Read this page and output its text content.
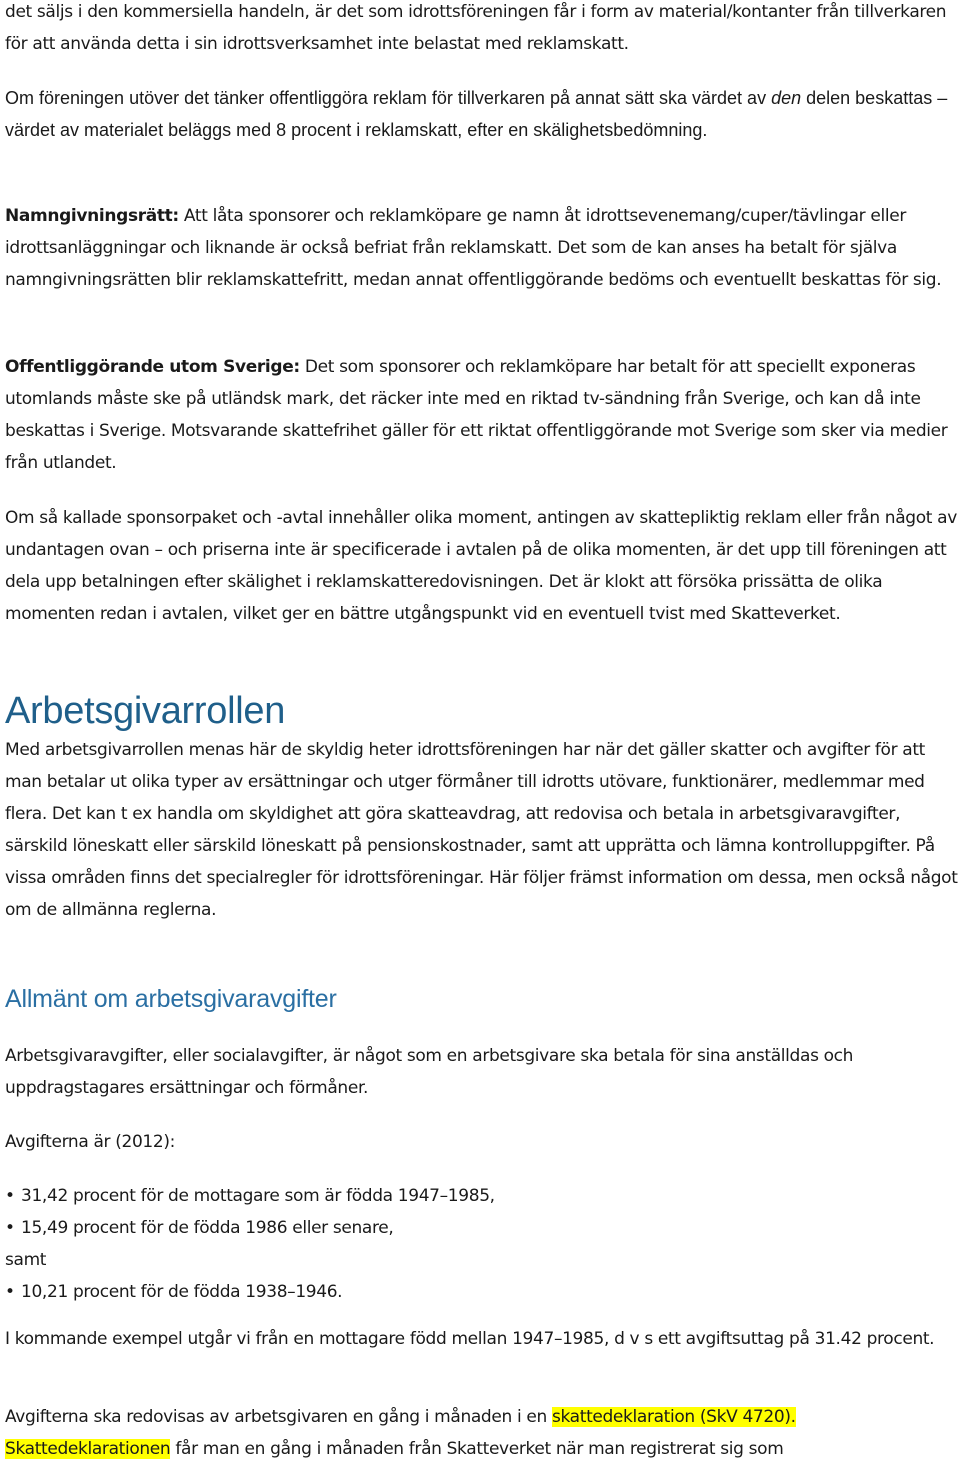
det säljs i den kommersiella handeln, är det som idrottsföreningen får i form av material/kontanter från tillverkaren för att använda detta i sin idrottsverksamhet inte belastat med reklamskatt.

Om föreningen utöver det tänker offentliggöra reklam för tillverkaren på annat sätt ska värdet av den delen beskattas – värdet av materialet beläggs med 8 procent i reklamskatt, efter en skälighetsbedömning.

Namngivningsrätt: Att låta sponsorer och reklamköpare ge namn åt idrottsevenemang/cuper/tävlingar eller idrottsanläggningar och liknande är också befriat från reklamskatt. Det som de kan anses ha betalt för själva namngivningsrätten blir reklamskattefritt, medan annat offentliggörande bedöms och eventuellt beskattas för sig.

Offentliggörande utom Sverige: Det som sponsorer och reklamköpare har betalt för att speciellt exponeras utomlands måste ske på utländsk mark, det räcker inte med en riktad tv-sändning från Sverige, och kan då inte beskattas i Sverige. Motsvarande skattefrihet gäller för ett riktat offentliggörande mot Sverige som sker via medier från utlandet.

Om så kallade sponsorpaket och -avtal innehåller olika moment, antingen av skattepliktig reklam eller från något av undantagen ovan – och priserna inte är specificerade i avtalen på de olika momenten, är det upp till föreningen att dela upp betalningen efter skälighet i reklamskatteredovisningen. Det är klokt att försöka prissätta de olika momenten redan i avtalen, vilket ger en bättre utgångspunkt vid en eventuell tvist med Skatteverket.

Arbetsgivarrollen

Med arbetsgivarrollen menas här de skyldig heter idrottsföreningen har när det gäller skatter och avgifter för att man betalar ut olika typer av ersättningar och utger förmåner till idrotts utövare, funktionärer, medlemmar med flera. Det kan t ex handla om skyldighet att göra skatteavdrag, att redovisa och betala in arbetsgivaravgifter, särskild löneskatt eller särskild löneskatt på pensionskostnader, samt att upprätta och lämna kontrolluppgifter. På vissa områden finns det specialregler för idrottsföreningar. Här följer främst information om dessa, men också något om de allmänna reglerna.

Allmänt om arbetsgivaravgifter

Arbetsgivaravgifter, eller socialavgifter, är något som en arbetsgivare ska betala för sina anställdas och uppdragstagares ersättningar och förmåner.

Avgifterna är (2012):

• 31,42 procent för de mottagare som är födda 1947–1985,
• 15,49 procent för de födda 1986 eller senare,
samt
• 10,21 procent för de födda 1938–1946.

I kommande exempel utgår vi från en mottagare född mellan 1947–1985, d v s ett avgiftsuttag på 31.42 procent.

Avgifterna ska redovisas av arbetsgivaren en gång i månaden i en skattedeklaration (SkV 4720). Skattedeklarationen får man en gång i månaden från Skatteverket när man registrerat sig som
